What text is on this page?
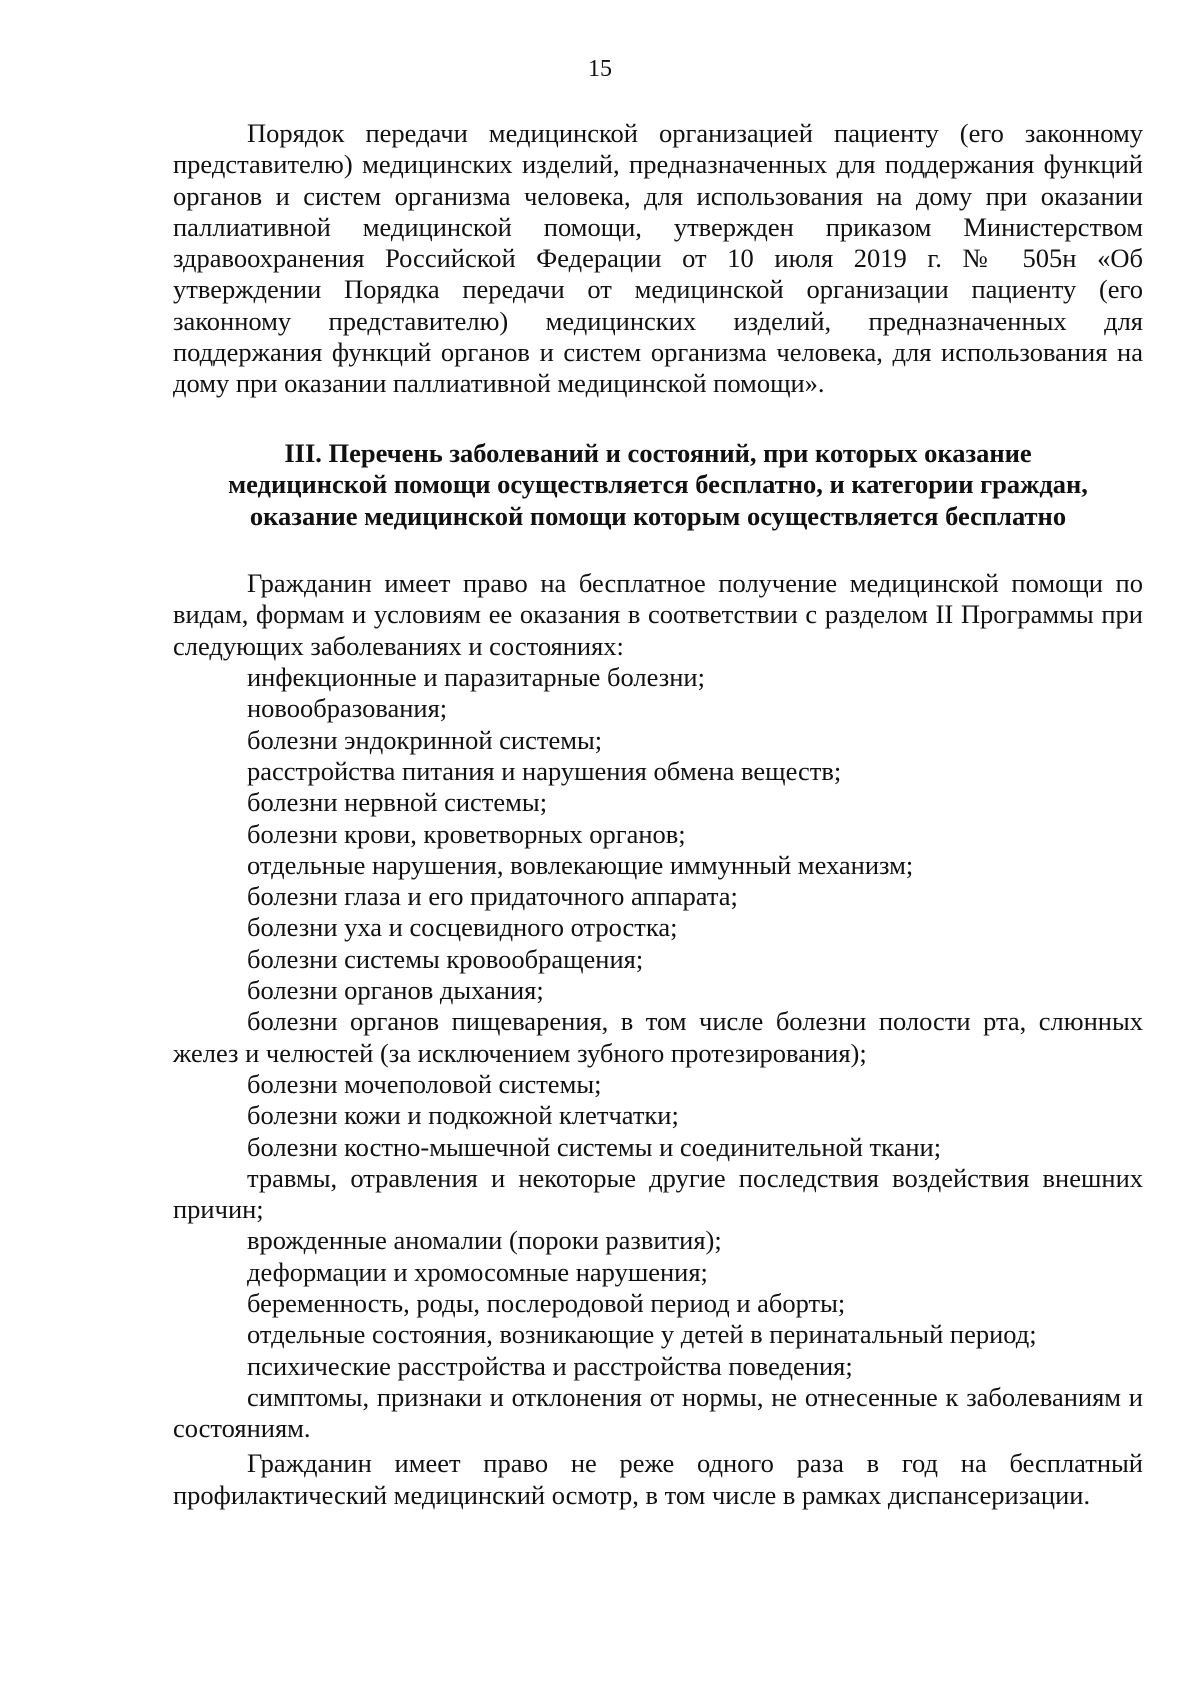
15

Порядок передачи медицинской организацией пациенту (его законному представителю) медицинских изделий, предназначенных для поддержания функций органов и систем организма человека, для использования на дому при оказании паллиативной медицинской помощи, утвержден приказом Министерством здравоохранения Российской Федерации от 10 июля 2019 г. № 505н «Об утверждении Порядка передачи от медицинской организации пациенту (его законному представителю) медицинских изделий, предназначенных для поддержания функций органов и систем организма человека, для использования на дому при оказании паллиативной медицинской помощи».

III. Перечень заболеваний и состояний, при которых оказание
медицинской помощи осуществляется бесплатно, и категории граждан,
оказание медицинской помощи которым осуществляется бесплатно

Гражданин имеет право на бесплатное получение медицинской помощи по видам, формам и условиям ее оказания в соответствии с разделом II Программы при следующих заболеваниях и состояниях:

инфекционные и паразитарные болезни;
новообразования;
болезни эндокринной системы;
расстройства питания и нарушения обмена веществ;
болезни нервной системы;
болезни крови, кроветворных органов;
отдельные нарушения, вовлекающие иммунный механизм;
болезни глаза и его придаточного аппарата;
болезни уха и сосцевидного отростка;
болезни системы кровообращения;
болезни органов дыхания;
болезни органов пищеварения, в том числе болезни полости рта, слюнных желез и челюстей (за исключением зубного протезирования);
болезни мочеполовой системы;
болезни кожи и подкожной клетчатки;
болезни костно-мышечной системы и соединительной ткани;
травмы, отравления и некоторые другие последствия воздействия внешних причин;
врожденные аномалии (пороки развития);
деформации и хромосомные нарушения;
беременность, роды, послеродовой период и аборты;
отдельные состояния, возникающие у детей в перинатальный период;
психические расстройства и расстройства поведения;
симптомы, признаки и отклонения от нормы, не отнесенные к заболеваниям и состояниям.

Гражданин имеет право не реже одного раза в год на бесплатный профилактический медицинский осмотр, в том числе в рамках диспансеризации.
